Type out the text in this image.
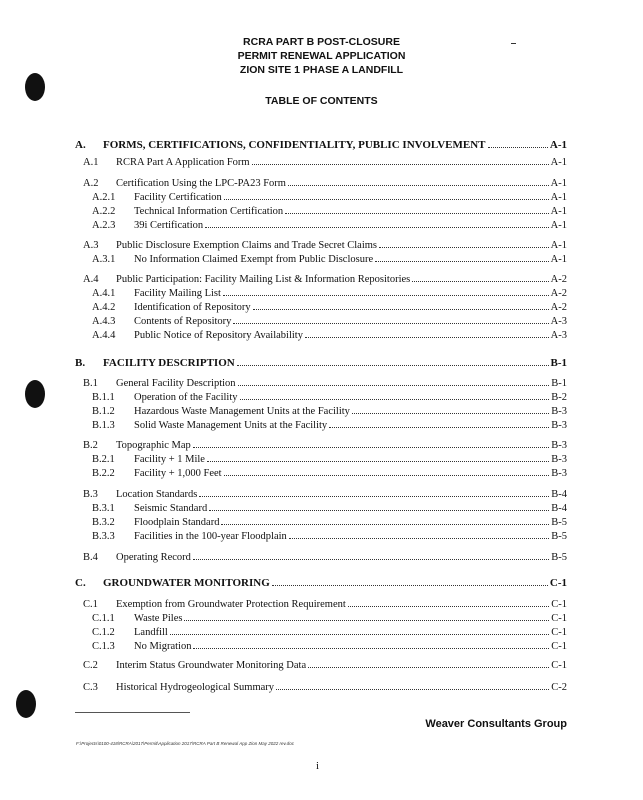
RCRA PART B POST-CLOSURE
PERMIT RENEWAL APPLICATION
ZION SITE 1 PHASE A LANDFILL
TABLE OF CONTENTS
A. FORMS, CERTIFICATIONS, CONFIDENTIALITY, PUBLIC INVOLVEMENT	A-1
A.1 RCRA Part A Application Form	A-1
A.2 Certification Using the LPC-PA23 Form	A-1
A.2.1 Facility Certification	A-1
A.2.2 Technical Information Certification	A-1
A.2.3 39i Certification	A-1
A.3 Public Disclosure Exemption Claims and Trade Secret Claims	A-1
A.3.1 No Information Claimed Exempt from Public Disclosure	A-1
A.4 Public Participation: Facility Mailing List & Information Repositories	A-2
A.4.1 Facility Mailing List	A-2
A.4.2 Identification of Repository	A-2
A.4.3 Contents of Repository	A-3
A.4.4 Public Notice of Repository Availability	A-3
B. FACILITY DESCRIPTION	B-1
B.1 General Facility Description	B-1
B.1.1 Operation of the Facility	B-2
B.1.2 Hazardous Waste Management Units at the Facility	B-3
B.1.3 Solid Waste Management Units at the Facility	B-3
B.2 Topographic Map	B-3
B.2.1 Facility + 1 Mile	B-3
B.2.2 Facility + 1,000 Feet	B-3
B.3 Location Standards	B-4
B.3.1 Seismic Standard	B-4
B.3.2 Floodplain Standard	B-5
B.3.3 Facilities in the 100-year Floodplain	B-5
B.4 Operating Record	B-5
C. GROUNDWATER MONITORING	C-1
C.1 Exemption from Groundwater Protection Requirement	C-1
C.1.1 Waste Piles	C-1
C.1.2 Landfill	C-1
C.1.3 No Migration	C-1
C.2 Interim Status Groundwater Monitoring Data	C-1
C.3 Historical Hydrogeological Summary	C-2
Weaver Consultants Group
F:\Projects\0100-418\RCRA\2017\Permit\Application 2017\RCRA Part B Renewal App Zion May 2022 rev.doc
i
